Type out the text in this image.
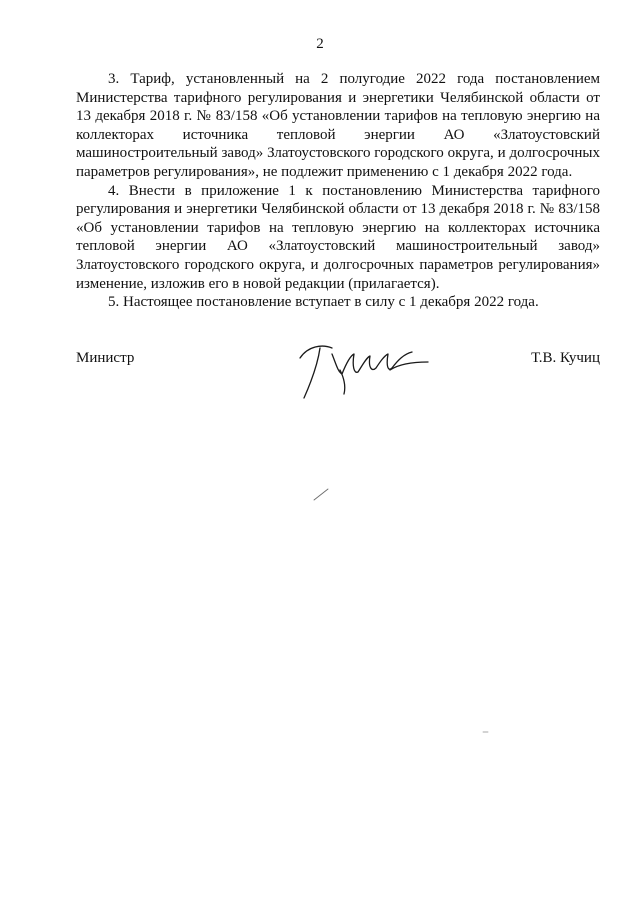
2

3. Тариф, установленный на 2 полугодие 2022 года постановлением Министерства тарифного регулирования и энергетики Челябинской области от 13 декабря 2018 г. № 83/158 «Об установлении тарифов на тепловую энергию на коллекторах источника тепловой энергии АО «Златоустовский машиностроительный завод» Златоустовского городского округа, и долгосрочных параметров регулирования», не подлежит применению с 1 декабря 2022 года.

4. Внести в приложение 1 к постановлению Министерства тарифного регулирования и энергетики Челябинской области от 13 декабря 2018 г. № 83/158 «Об установлении тарифов на тепловую энергию на коллекторах источника тепловой энергии АО «Златоустовский машиностроительный завод» Златоустовского городского округа, и долгосрочных параметров регулирования» изменение, изложив его в новой редакции (прилагается).

5. Настоящее постановление вступает в силу с 1 декабря 2022 года.

Министр	Т.В. Кучиц
